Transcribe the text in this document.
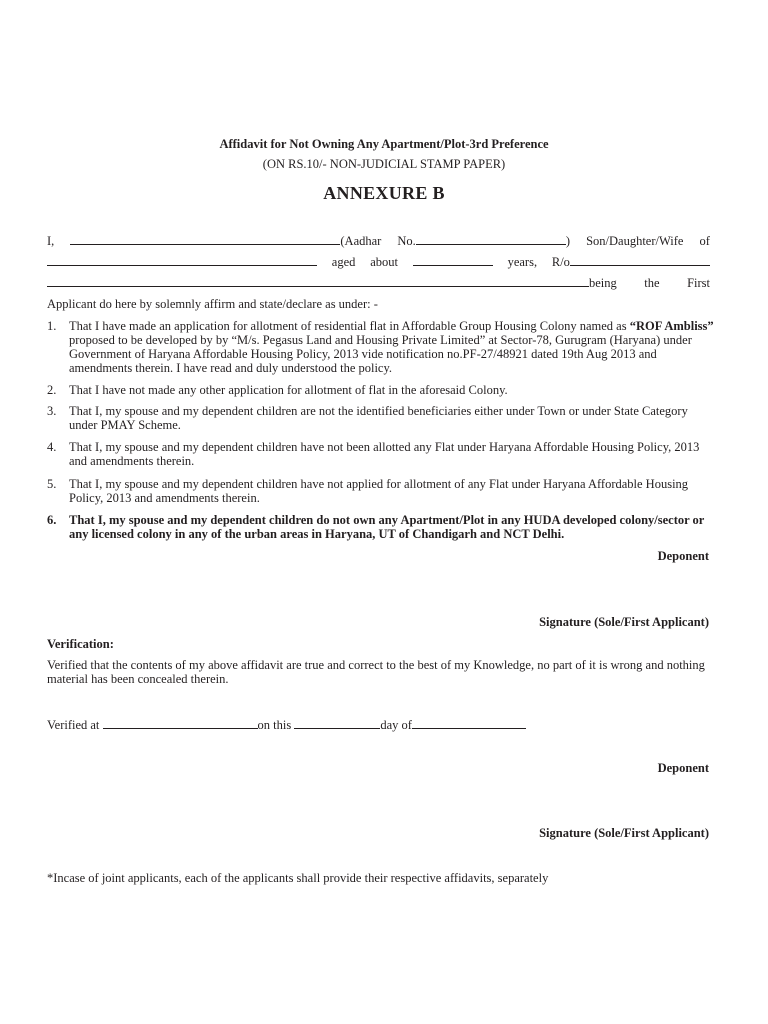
Affidavit for Not Owning Any Apartment/Plot-3rd Preference
(ON RS.10/- NON-JUDICIAL STAMP PAPER)
ANNEXURE B
I,	(Aadhar No.	) Son/Daughter/Wife of
aged about	years, R/o
being the First
Applicant do here by solemnly affirm and state/declare as under: -
1.	That I have made an application for allotment of residential flat in Affordable Group Housing Colony named as “ROF Ambliss” proposed to be developed by by “M/s. Pegasus Land and Housing Private Limited” at Sector-78, Gurugram (Haryana) under Government of Haryana Affordable Housing Policy, 2013 vide notification no.PF-27/48921 dated 19th Aug 2013 and amendments therein. I have read and duly understood the policy.
2.	That I have not made any other application for allotment of flat in the aforesaid Colony.
3.	That I, my spouse and my dependent children are not the identified beneficiaries either under Town or under State Category under PMAY Scheme.
4.	That I, my spouse and my dependent children have not been allotted any Flat under Haryana Affordable Housing Policy, 2013 and amendments therein.
5.	That I, my spouse and my dependent children have not applied for allotment of any Flat under Haryana Affordable Housing Policy, 2013 and amendments therein.
6.	That I, my spouse and my dependent children do not own any Apartment/Plot in any HUDA developed colony/sector or any licensed colony in any of the urban areas in Haryana, UT of Chandigarh and NCT Delhi.
Deponent
Signature (Sole/First Applicant)
Verification:
Verified that the contents of my above affidavit are true and correct to the best of my Knowledge, no part of it is wrong and nothing material has been concealed therein.
Verified at	on this	day of
Deponent
Signature (Sole/First Applicant)
*Incase of joint applicants, each of the applicants shall provide their respective affidavits, separately
